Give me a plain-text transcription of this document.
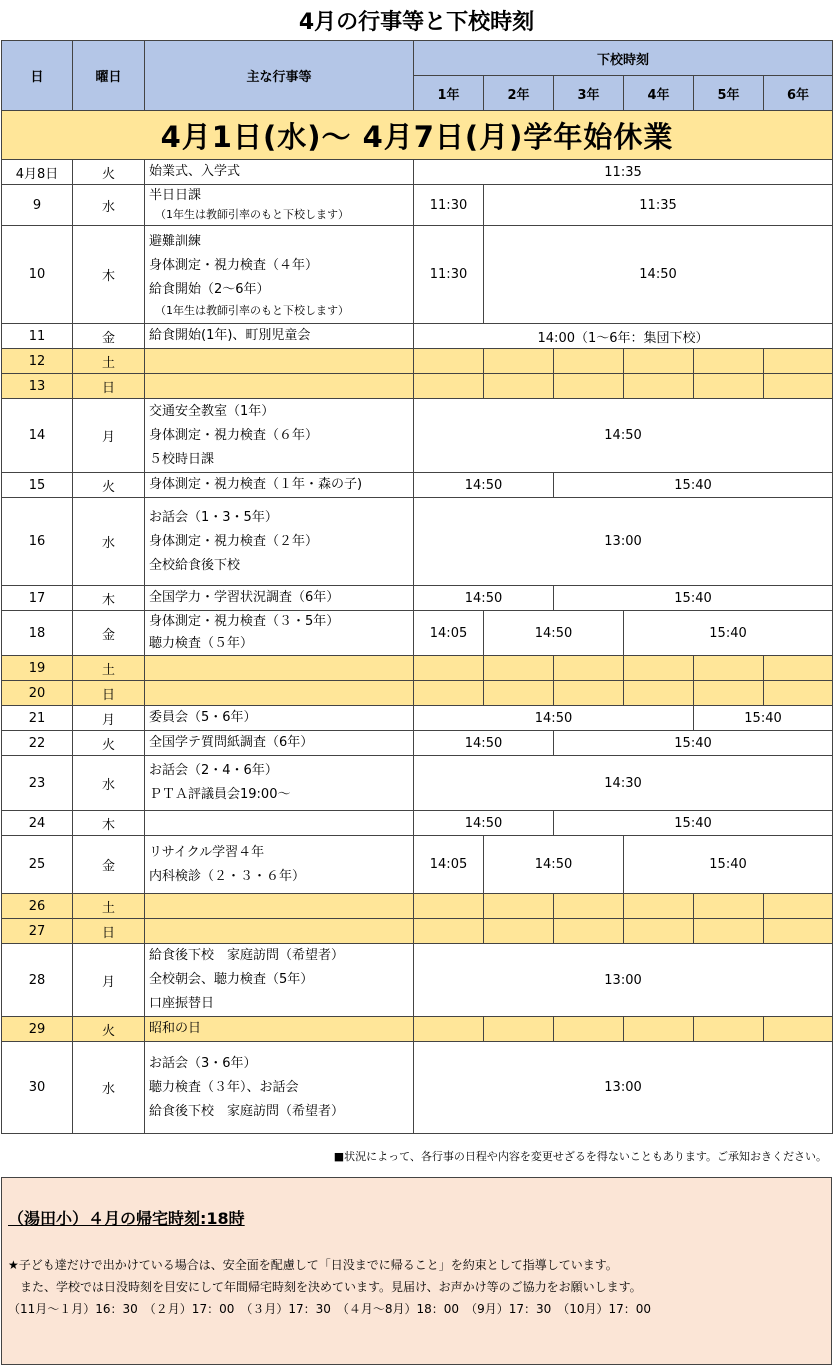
4月の行事等と下校時刻
日	曜日	主な行事等	下校時刻					
			1年	2年	3年	4年	5年	6年
4月1日(水)～ 4月7日(月)学年始休業								
4月8日	火	始業式、入学式	11:35					
9	水	半日日課
（1年生は教師引率のもと下校します）	11:30	11:35				
10	木	避難訓練
身体測定・視力検査（４年）
給食開始（2～6年）
（1年生は教師引率のもと下校します）	11:30	14:50				
11	金	給食開始(1年)、町別児童会	14:00（1～6年：集団下校）					
12	土							
13	日							
14	月	交通安全教室（1年）
身体測定・視力検査（６年）
５校時日課	14:50					
15	火	身体測定・視力検査（１年・森の子)	14:50		15:40			
16	水	お話会（1・3・5年）
身体測定・視力検査（２年）
全校給食後下校	13:00					
17	木	全国学力・学習状況調査（6年）	14:50		15:40			
18	金	身体測定・視力検査（３・5年）
聴力検査（５年）	14:05	14:50		15:40		
19	土							
20	日							
21	月	委員会（5・6年）	14:50				15:40	
22	火	全国学テ質問紙調査（6年）	14:50		15:40			
23	水	お話会（2・4・6年）
ＰＴＡ評議員会19:00～	14:30					
24	木		14:50		15:40			
25	金	リサイクル学習４年
内科検診（２・３・６年）	14:05	14:50		15:40		
26	土							
27	日							
28	月	給食後下校　家庭訪問（希望者）
全校朝会、聴力検査（5年）
口座振替日	13:00					
29	火	昭和の日						

30	水	お話会（3・6年）
聴力検査（３年）、お話会
給食後下校　家庭訪問（希望者）	13:00					
■状況によって、各行事の日程や内容を変更せざるを得ないこともあります。ご承知おきください。
（湯田小）４月の帰宅時刻:18時
★子ども達だけで出かけている場合は、安全面を配慮して「日没までに帰ること」を約束として指導しています。
また、学校では日没時刻を目安にして年間帰宅時刻を決めています。見届け、お声かけ等のご協力をお願いします。
（11月～１月）16：30　（２月）17：00　（３月）17：30　（４月～8月）18：00　（9月）17：30　（10月）17：00
